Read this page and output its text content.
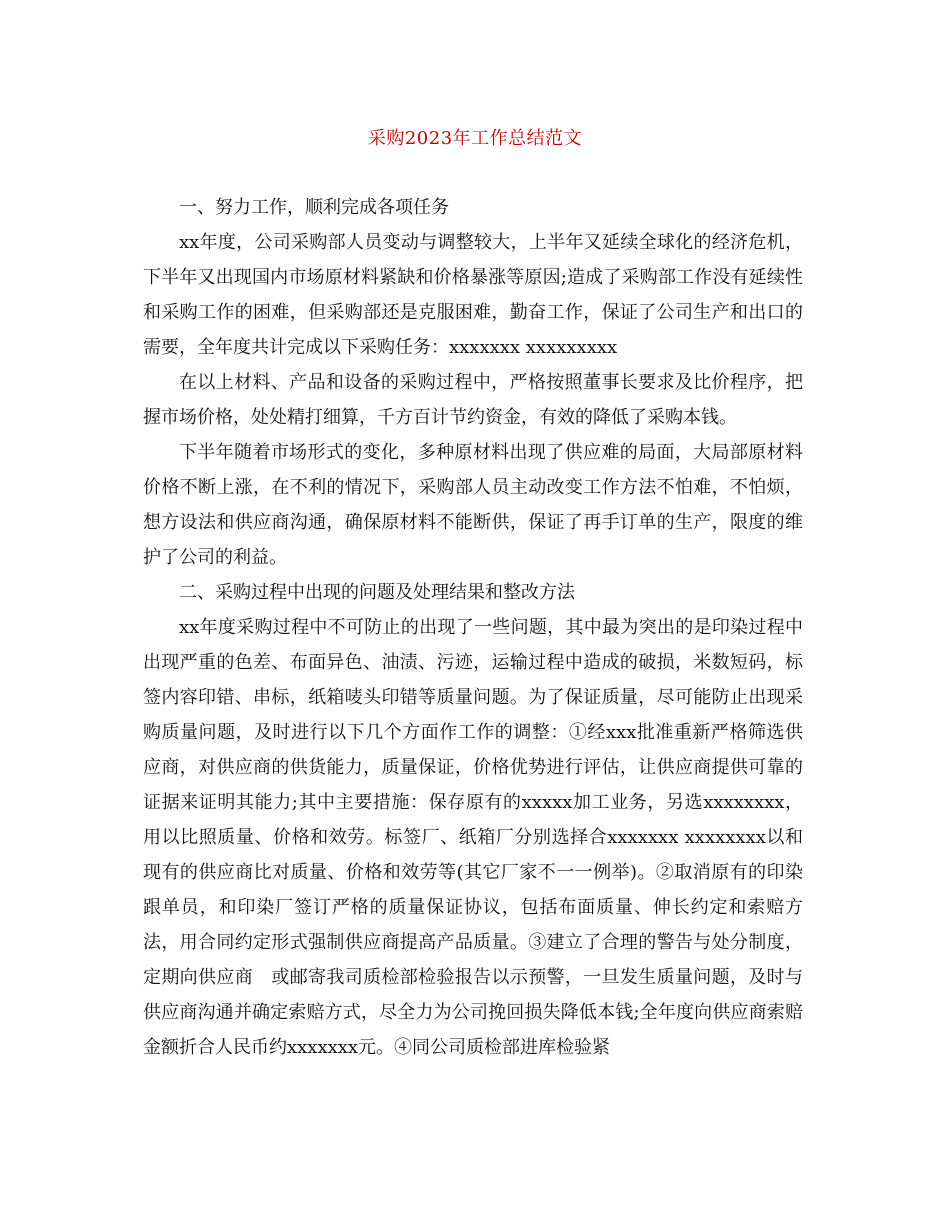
采购2023年工作总结范文

一、努力工作，顺利完成各项任务

xx年度，公司采购部人员变动与调整较大，上半年又延续全球化的经济危机，下半年又出现国内市场原材料紧缺和价格暴涨等原因;造成了采购部工作没有延续性和采购工作的困难，但采购部还是克服困难，勤奋工作，保证了公司生产和出口的需要，全年度共计完成以下采购任务：xxxxxxx xxxxxxxxx

在以上材料、产品和设备的采购过程中，严格按照董事长要求及比价程序，把握市场价格，处处精打细算，千方百计节约资金，有效的降低了采购本钱。

下半年随着市场形式的变化，多种原材料出现了供应难的局面，大局部原材料价格不断上涨，在不利的情况下，采购部人员主动改变工作方法不怕难，不怕烦，想方设法和供应商沟通，确保原材料不能断供，保证了再手订单的生产，限度的维护了公司的利益。

二、采购过程中出现的问题及处理结果和整改方法

xx年度采购过程中不可防止的出现了一些问题，其中最为突出的是印染过程中出现严重的色差、布面异色、油渍、污迹，运输过程中造成的破损，米数短码，标签内容印错、串标，纸箱唛头印错等质量问题。为了保证质量，尽可能防止出现采购质量问题，及时进行以下几个方面作工作的调整：①经xxx批准重新严格筛选供应商，对供应商的供货能力，质量保证，价格优势进行评估，让供应商提供可靠的证据来证明其能力;其中主要措施：保存原有的xxxxx加工业务，另选xxxxxxxx，用以比照质量、价格和效劳。标签厂、纸箱厂分别选择合xxxxxxx xxxxxxxx以和现有的供应商比对质量、价格和效劳等(其它厂家不一一例举)。②取消原有的印染跟单员，和印染厂签订严格的质量保证协议，包括布面质量、伸长约定和索赔方法，用合同约定形式强制供应商提高产品质量。③建立了合理的警告与处分制度，定期向供应商　或邮寄我司质检部检验报告以示预警，一旦发生质量问题，及时与供应商沟通并确定索赔方式，尽全力为公司挽回损失降低本钱;全年度向供应商索赔金额折合人民币约xxxxxxx元。④同公司质检部进库检验紧
